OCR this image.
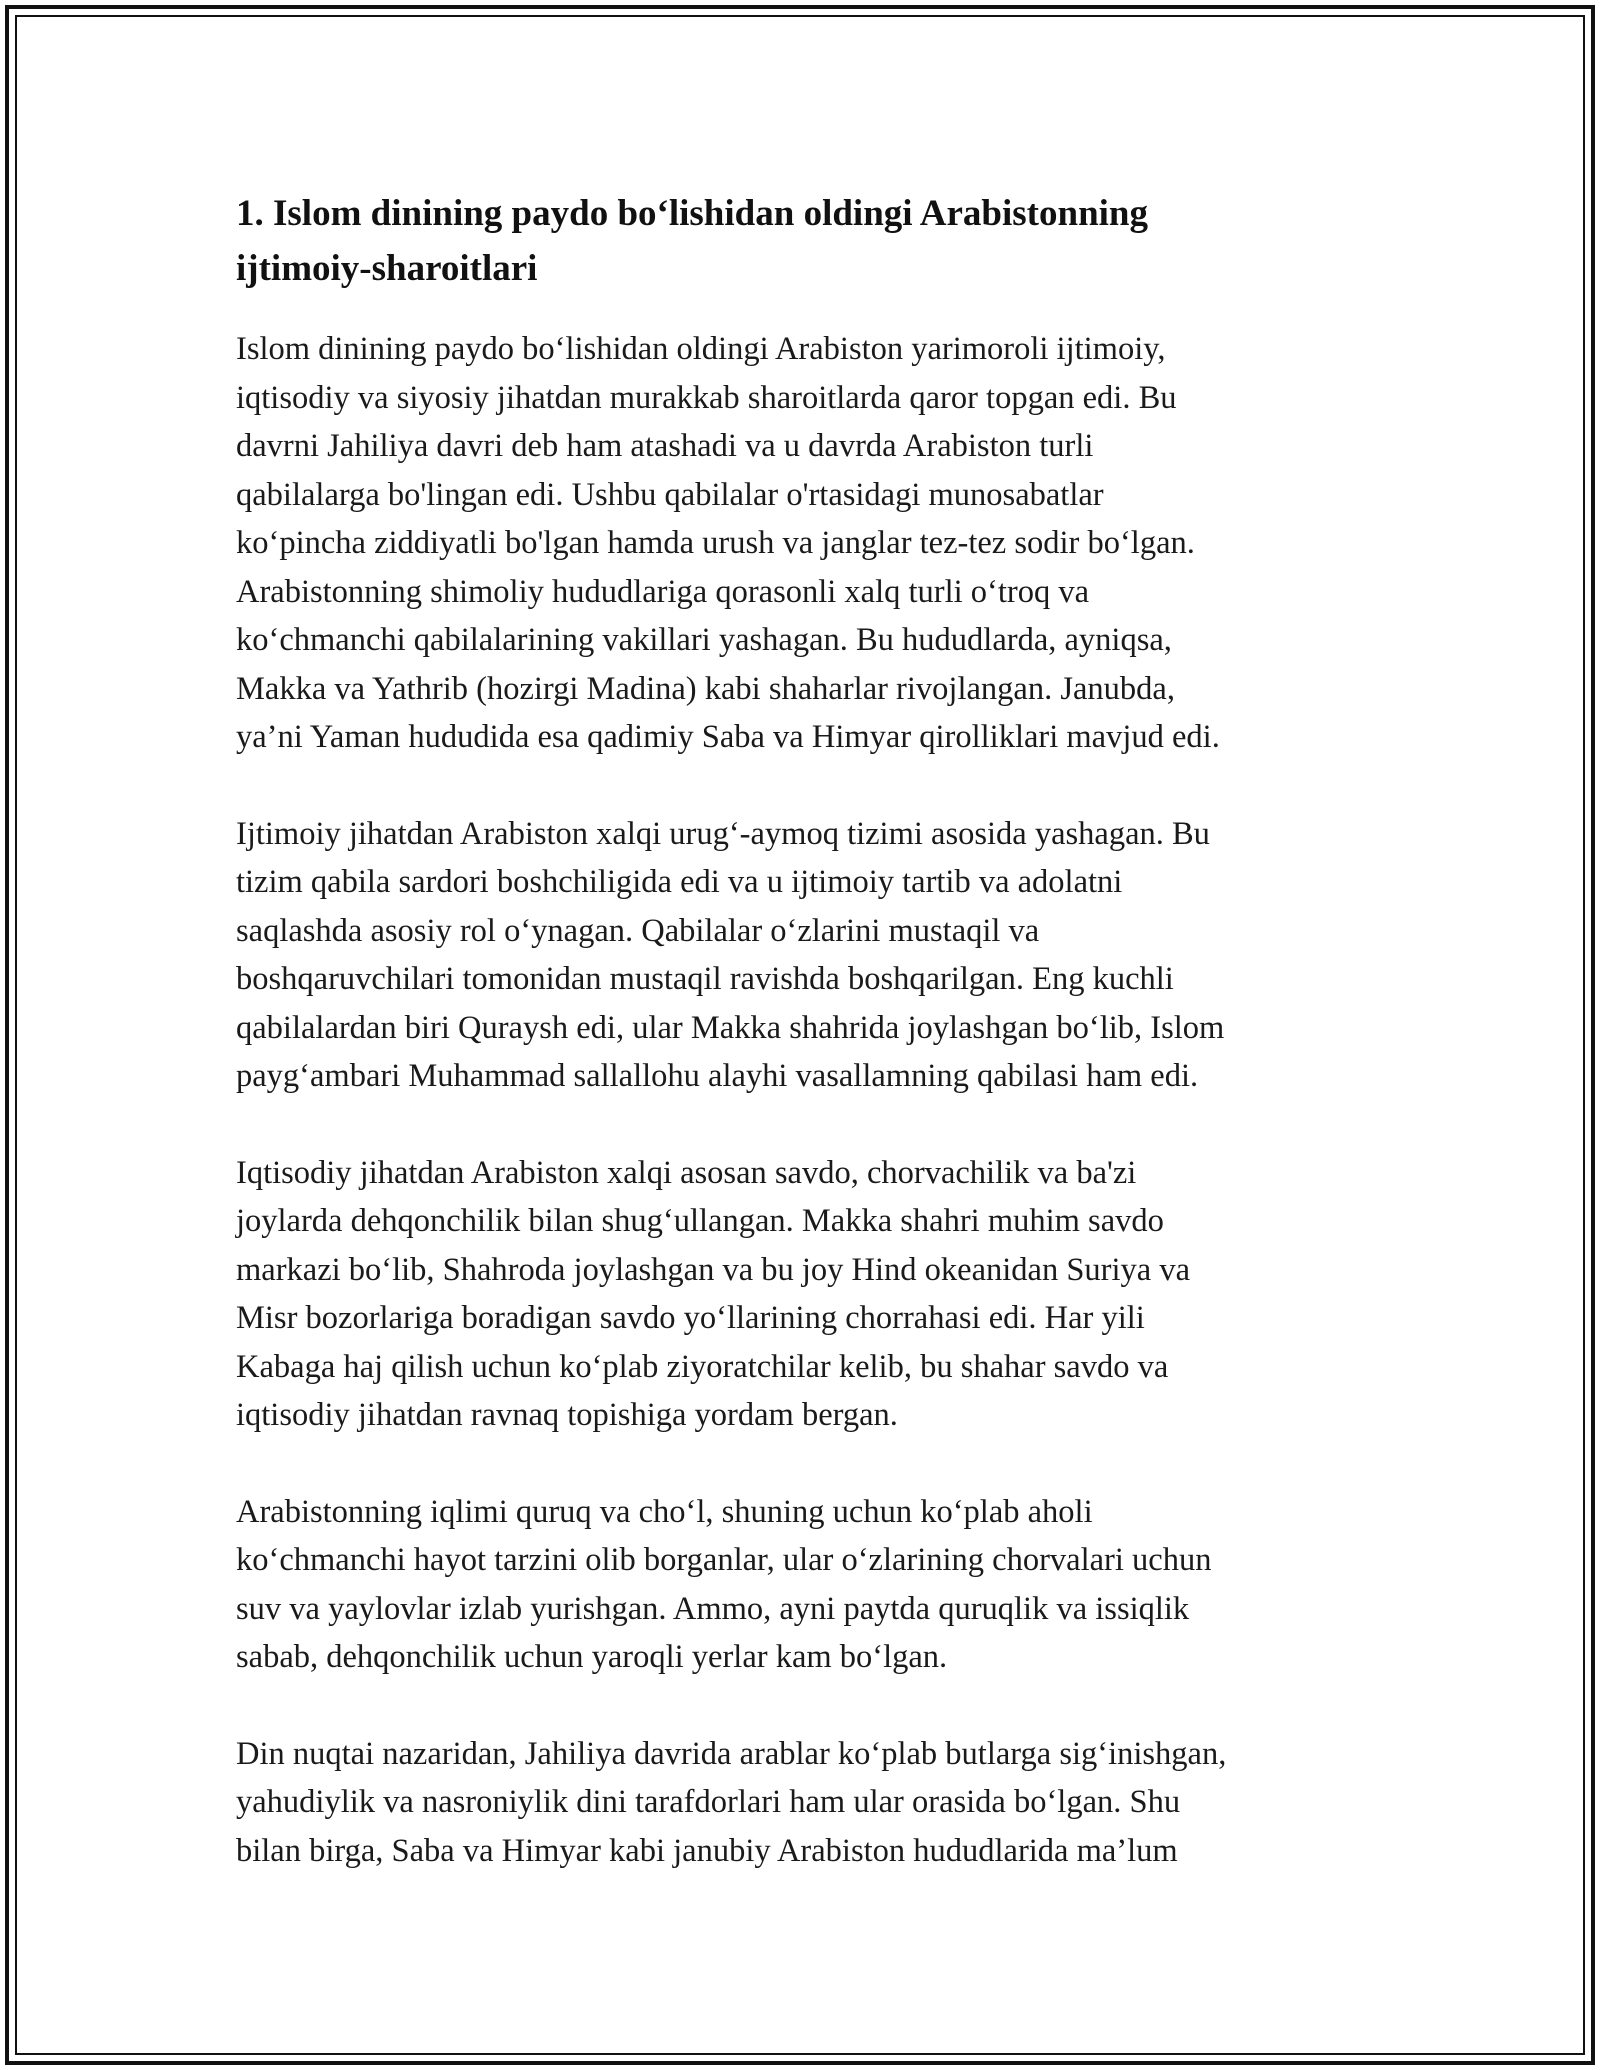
1. Islom dinining paydo bo‘lishidan oldingi Arabistonning
ijtimoiy-sharoitlari

Islom dinining paydo bo‘lishidan oldingi Arabiston yarimoroli ijtimoiy,
iqtisodiy va siyosiy jihatdan murakkab sharoitlarda qaror topgan edi. Bu
davrni Jahiliya davri deb ham atashadi va u davrda Arabiston turli
qabilalarga bo'lingan edi. Ushbu qabilalar o'rtasidagi munosabatlar
ko‘pincha ziddiyatli bo'lgan hamda urush va janglar tez-tez sodir bo‘lgan.
Arabistonning shimoliy hududlariga qorasonli xalq turli o‘troq va
ko‘chmanchi qabilalarining vakillari yashagan. Bu hududlarda, ayniqsa,
Makka va Yathrib (hozirgi Madina) kabi shaharlar rivojlangan. Janubda,
ya’ni Yaman hududida esa qadimiy Saba va Himyar qirolliklari mavjud edi.

Ijtimoiy jihatdan Arabiston xalqi urug‘-aymoq tizimi asosida yashagan. Bu
tizim qabila sardori boshchiligida edi va u ijtimoiy tartib va adolatni
saqlashda asosiy rol o‘ynagan. Qabilalar o‘zlarini mustaqil va
boshqaruvchilari tomonidan mustaqil ravishda boshqarilgan. Eng kuchli
qabilalardan biri Quraysh edi, ular Makka shahrida joylashgan bo‘lib, Islom
payg‘ambari Muhammad sallallohu alayhi vasallamning qabilasi ham edi.

Iqtisodiy jihatdan Arabiston xalqi asosan savdo, chorvachilik va ba'zi
joylarda dehqonchilik bilan shug‘ullangan. Makka shahri muhim savdo
markazi bo‘lib, Shahroda joylashgan va bu joy Hind okeanidan Suriya va
Misr bozorlariga boradigan savdo yo‘llarining chorrahasi edi. Har yili
Kabaga haj qilish uchun ko‘plab ziyoratchilar kelib, bu shahar savdo va
iqtisodiy jihatdan ravnaq topishiga yordam bergan.

Arabistonning iqlimi quruq va cho‘l, shuning uchun ko‘plab aholi
ko‘chmanchi hayot tarzini olib borganlar, ular o‘zlarining chorvalari uchun
suv va yaylovlar izlab yurishgan. Ammo, ayni paytda quruqlik va issiqlik
sabab, dehqonchilik uchun yaroqli yerlar kam bo‘lgan.

Din nuqtai nazaridan, Jahiliya davrida arablar ko‘plab butlarga sig‘inishgan,
yahudiylik va nasroniylik dini tarafdorlari ham ular orasida bo‘lgan. Shu
bilan birga, Saba va Himyar kabi janubiy Arabiston hududlarida ma’lum
